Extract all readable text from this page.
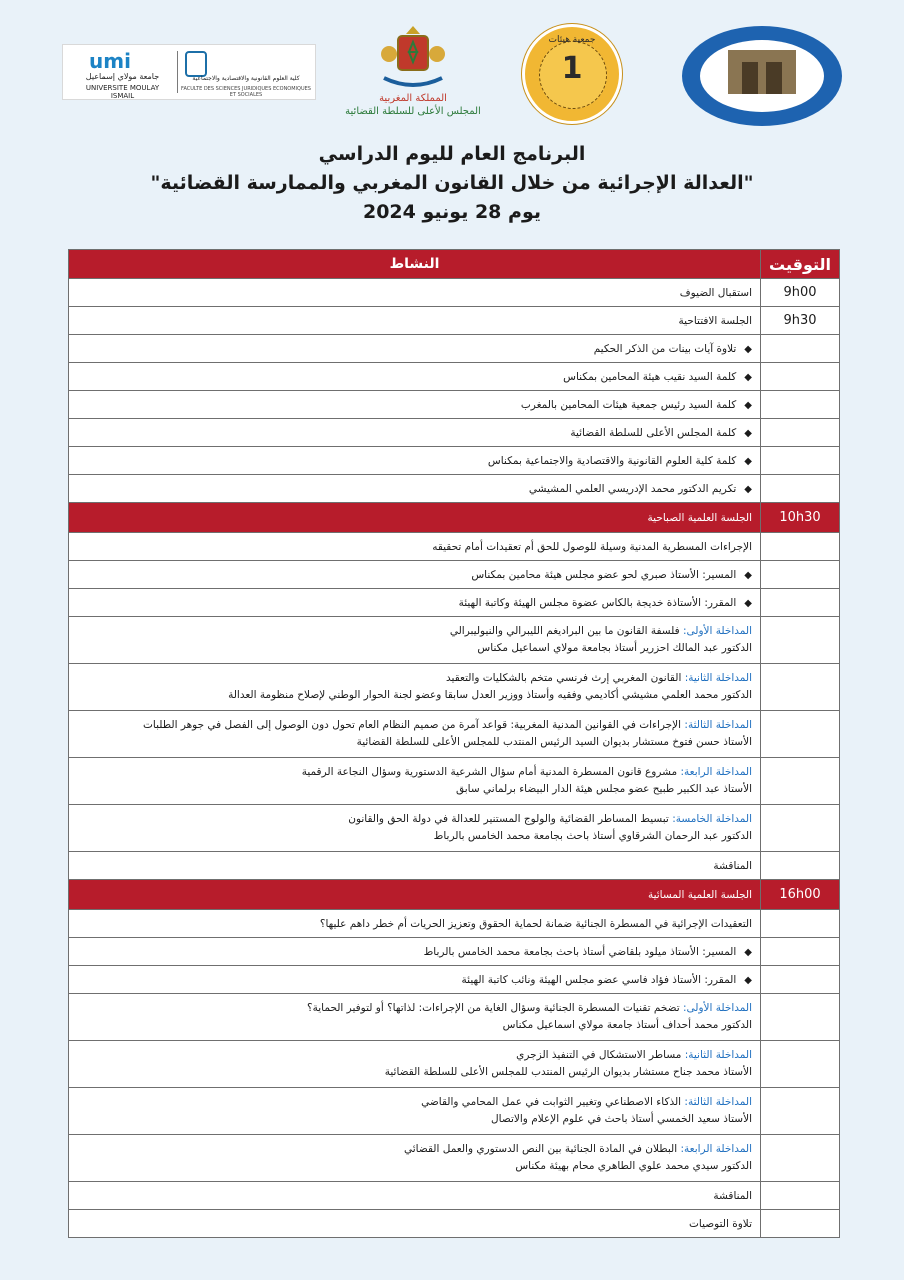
umi
جامعة مولاي إسماعيل
UNIVERSITE MOULAY ISMAIL
كلية العلوم القانونية والاقتصادية والاجتماعية
FACULTE DES SCIENCES JURIDIQUES ECONOMIQUES ET SOCIALES	المملكة المغربية
المجلس الأعلى للسلطة القضائية
جمعية هيئات
1
البرنامج العام لليوم الدراسي
"العدالة الإجرائية من خلال القانون المغربي والممارسة القضائية"
يوم 28 يونيو 2024
التوقيت	النشاط
9h00	استقبال الضيوف
9h30	الجلسة الافتتاحية
	◆تلاوة آيات بينات من الذكر الحكيم
	◆كلمة السيد نقيب هيئة المحامين بمكناس
	◆كلمة السيد رئيس جمعية هيئات المحامين بالمغرب
	◆كلمة المجلس الأعلى للسلطة القضائية
	◆كلمة كلية العلوم القانونية والاقتصادية والاجتماعية بمكناس
	◆تكريم الدكتور محمد الإدريسي العلمي المشيشي
10h30	الجلسة العلمية الصباحية
	الإجراءات المسطرية المدنية وسيلة للوصول للحق أم تعقيدات أمام تحقيقه
	◆المسير: الأستاذ صبري لحو عضو مجلس هيئة محامين بمكناس
	◆المقرر: الأستاذة خديجة بالكاس عضوة مجلس الهيئة وكاتبة الهيئة

	المداخلة الأولى: فلسفة القانون ما بين البراديغم الليبرالي والنيوليبرالي
الدكتور عبد المالك احزرير أستاذ بجامعة مولاي اسماعيل مكناس

	المداخلة الثانية: القانون المغربي إرث فرنسي متخم بالشكليات والتعقيد
الدكتور محمد العلمي مشيشي أكاديمي وفقيه وأستاذ ووزير العدل سابقا وعضو لجنة الحوار الوطني لإصلاح منظومة العدالة

	المداخلة الثالثة: الإجراءات في القوانين المدنية المغربية: قواعد آمرة من صميم النظام العام تحول دون الوصول إلى الفصل في جوهر الطلبات
الأستاذ حسن فتوخ مستشار بديوان السيد الرئيس المنتدب للمجلس الأعلى للسلطة القضائية

	المداخلة الرابعة: مشروع قانون المسطرة المدنية أمام سؤال الشرعية الدستورية وسؤال النجاعة الرقمية
الأستاذ عبد الكبير طبيح عضو مجلس هيئة الدار البيضاء برلماني سابق

	المداخلة الخامسة: تبسيط المساطر القضائية والولوج المستنير للعدالة في دولة الحق والقانون
الدكتور عبد الرحمان الشرقاوي أستاذ باحث بجامعة محمد الخامس بالرباط

	المناقشة
16h00	الجلسة العلمية المسائية
	التعقيدات الإجرائية في المسطرة الجنائية ضمانة لحماية الحقوق وتعزيز الحريات أم خطر داهم عليها؟
	◆المسير: الأستاذ ميلود بلقاضي أستاذ باحث بجامعة محمد الخامس بالرباط
	◆المقرر: الأستاذ فؤاد فاسي عضو مجلس الهيئة ونائب كاتبة الهيئة

	المداخلة الأولى: تضخم تقنيات المسطرة الجنائية وسؤال الغاية من الإجراءات: لذاتها؟ أو لتوفير الحماية؟
الدكتور محمد أحداف أستاذ جامعة مولاي اسماعيل مكناس

	المداخلة الثانية: مساطر الاستشكال في التنفيذ الزجري
الأستاذ محمد جناح مستشار بديوان الرئيس المنتدب للمجلس الأعلى للسلطة القضائية

	المداخلة الثالثة: الذكاء الاصطناعي وتغيير الثوابت في عمل المحامي والقاضي
الأستاذ سعيد الخمسي أستاذ باحث في علوم الإعلام والاتصال

	المداخلة الرابعة: البطلان في المادة الجنائية بين النص الدستوري والعمل القضائي
الدكتور سيدي محمد علوي الطاهري محام بهيئة مكناس

	المناقشة
	تلاوة التوصيات
